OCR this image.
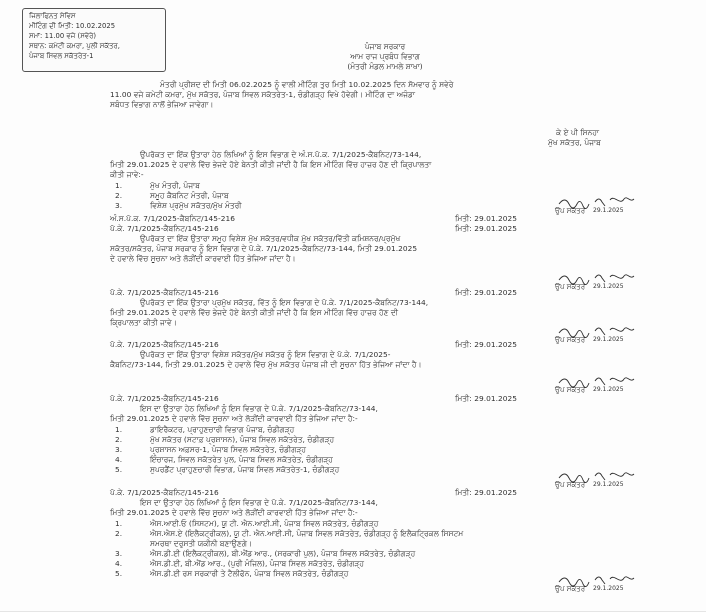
ਜਿਲਾਫਿਨਤ ਸੇਵਿਸ
ਮੀਟਿੰਗ ਦੀ ਮਿਤੀ: 10.02.2025
ਸਮਾਂ: 11.00 ਵਜੇ (ਸਵੇਰੇ)
ਸਥਾਨ: ਕਮੇਟੀ ਕਮਰਾ, ਪੁਲੀ ਸਕੱਤਰ,
ਪੰਜਾਬ ਸਿਵਲ ਸਕੱਤਰੇਤ-1
ਪੰਜਾਬ ਸਰਕਾਰ
ਆਮ ਰਾਜ ਪ੍ਰਬੰਧ ਵਿਭਾਗ
(ਮੰਤਰੀ ਮੰਡਲ ਮਾਮਲੇ ਸ਼ਾਖਾ)
ਮੰਤਰੀ ਪ੍ਰੀਸ਼ਦ ਦੀ ਮਿਤੀ 06.02.2025 ਨੂੰ ਵਾਲੀ ਮੀਟਿੰਗ ਤੁਰ ਮਿਤੀ 10.02.2025 ਦਿਨ ਸੋਮਵਾਰ ਨੂੰ ਸਵੇਰੇ
11.00 ਵਜੇ ਕਮੇਟੀ ਕਮਰਾ, ਮੁੱਖ ਸਕੱਤਰ, ਪੰਜਾਬ ਸਿਵਲ ਸਕੱਤਰੇਤ-1, ਚੰਡੀਗੜ੍ਹ ਵਿਖੇ ਹੋਵੇਗੀ। ਮੀਟਿੰਗ ਦਾ ਅਜੰਡਾ
ਸਬੰਧਤ ਵਿਭਾਗ ਨਾਲੋਂ ਭੇਜਿਆ ਜਾਵੇਗਾ।
ਕੇ ਏ ਪੀ ਸਿਨਹਾ
ਮੁੱਖ ਸਕੱਤਰ, ਪੰਜਾਬ
ਉਪਰੋਕਤ ਦਾ ਇੱਕ ਉਤਾਰਾ ਹੇਠ ਲਿਖਿਆਂ ਨੂੰ ਇਸ ਵਿਭਾਗ ਦੇ ਅੰ.ਸ.ਪੱ.ਕ. 7/1/2025-ਕੈਬਨਿਟ/73-144,
ਮਿਤੀ 29.01.2025 ਦੇ ਹਵਾਲੇ ਵਿੱਚ ਭੇਜਦੇ ਹੋਏ ਬੇਨਤੀ ਕੀਤੀ ਜਾਂਦੀ ਹੈ ਕਿ ਇਸ ਮੀਟਿੰਗ ਵਿੱਚ ਹਾਜ਼ਰ ਹੋਣ ਦੀ ਕ੍ਰਿਪਾਲਤਾ
ਕੀਤੀ ਜਾਵੇ:-
1.	ਮੁੱਖ ਮੰਤਰੀ, ਪੰਜਾਬ
2.	ਸਮੂਹ ਕੈਬਨਿਟ ਮੰਤਰੀ, ਪੰਜਾਬ
3.	ਵਿਸ਼ੇਸ਼ ਪ੍ਰਮੁੱਖ ਸਕੱਤਰ/ਮੁੱਖ ਮੰਤਰੀ
ਉਪ ਸਕੱਤਰ 29.1.2025
ਅੰ.ਸ.ਪੱ.ਕ. 7/1/2025-ਕੈਬਨਿਟ/145-216	ਮਿਤੀ: 29.01.2025
ਪੱ.ਕੇ. 7/1/2025-ਕੈਬਨਿਟ/145-216	ਮਿਤੀ: 29.01.2025
ਉਪਰੋਕਤ ਦਾ ਇੱਕ ਉਤਾਰਾ ਸਮੂਹ ਵਿਸ਼ੇਸ਼ ਮੁੱਖ ਸਕੱਤਰ/ਵਧੀਕ ਮੁੱਖ ਸਕੱਤਰ/ਵਿੱਤੀ ਕਮਿਸ਼ਨਰ/ਪ੍ਰਮੁੱਖ
ਸਕੱਤਰ/ਸਕੱਤਰ, ਪੰਜਾਬ ਸਰਕਾਰ ਨੂੰ ਇਸ ਵਿਭਾਗ ਦੇ ਪੱ.ਕੇ. 7/1/2025-ਕੈਬਨਿਟ/73-144, ਮਿਤੀ 29.01.2025
ਦੇ ਹਵਾਲੇ ਵਿੱਚ ਸੂਚਨਾ ਅਤੇ ਲੋੜੀਂਦੀ ਕਾਰਵਾਈ ਹਿੱਤ ਭੇਜਿਆ ਜਾਂਦਾ ਹੈ।
ਉਪ ਸਕੱਤਰ 29.1.2025
ਪੱ.ਕੇ. 7/1/2025-ਕੈਬਨਿਟ/145-216	ਮਿਤੀ: 29.01.2025
ਉਪਰੋਕਤ ਦਾ ਇੱਕ ਉਤਾਰਾ ਪ੍ਰਮੁੱਖ ਸਕੱਤਰ, ਵਿੱਤ ਨੂੰ ਇਸ ਵਿਭਾਗ ਦੇ ਪੱ.ਕੇ. 7/1/2025-ਕੈਬਨਿਟ/73-144,
ਮਿਤੀ 29.01.2025 ਦੇ ਹਵਾਲੇ ਵਿੱਚ ਭੇਜਦੇ ਹੋਏ ਬੇਨਤੀ ਕੀਤੀ ਜਾਂਦੀ ਹੈ ਕਿ ਇਸ ਮੀਟਿੰਗ ਵਿੱਚ ਹਾਜ਼ਰ ਹੋਣ ਦੀ
ਕ੍ਰਿਪਾਲਤਾ ਕੀਤੀ ਜਾਵੇ।
ਉਪ ਸਕੱਤਰ 29.1.2025
ਪੱ.ਕੇ. 7/1/2025-ਕੈਬਨਿਟ/145-216	ਮਿਤੀ: 29.01.2025
ਉਪਰੋਕਤ ਦਾ ਇੱਕ ਉਤਾਰਾ ਵਿਸ਼ੇਸ਼ ਸਕੱਤਰ/ਮੁੱਖ ਸਕੱਤਰ ਨੂੰ ਇਸ ਵਿਭਾਗ ਦੇ ਪੱ.ਕੇ. 7/1/2025-
ਕੈਬਨਿਟ/73-144, ਮਿਤੀ 29.01.2025 ਦੇ ਹਵਾਲੇ ਵਿੱਚ ਮੁੱਖ ਸਕੱਤਰ ਪੰਜਾਬ ਜੀ ਦੀ ਸੂਚਨਾ ਹਿੱਤ ਭੇਜਿਆ ਜਾਂਦਾ ਹੈ।
ਉਪ ਸਕੱਤਰ 29.1.2025
ਪੱ.ਕੇ. 7/1/2025-ਕੈਬਨਿਟ/145-216	ਮਿਤੀ: 29.01.2025
ਇਸ ਦਾ ਉਤਾਰਾ ਹੇਠ ਲਿਖਿਆਂ ਨੂੰ ਇਸ ਵਿਭਾਗ ਦੇ ਪੱ.ਕੇ. 7/1/2025-ਕੈਬਨਿਟ/73-144,
ਮਿਤੀ 29.01.2025 ਦੇ ਹਵਾਲੇ ਵਿੱਚ ਸੂਚਨਾ ਅਤੇ ਲੋੜੀਂਦੀ ਕਾਰਵਾਈ ਹਿੱਤ ਭੇਜਿਆ ਜਾਂਦਾ ਹੈ:-
1.	ਡਾਇਰੈਕਟਰ, ਪ੍ਰਾਹੁਣਚਾਰੀ ਵਿਭਾਗ ਪੰਜਾਬ, ਚੰਡੀਗੜ੍ਹ
2.	ਮੁੱਖ ਸਕੱਤਰ (ਸਟਾਫ਼ ਪ੍ਰਸ਼ਾਸਨ), ਪੰਜਾਬ ਸਿਵਲ ਸਕੱਤਰੇਤ, ਚੰਡੀਗੜ੍ਹ
3.	ਪ੍ਰਸ਼ਾਸਨ ਅਫ਼ਸਰ-1, ਪੰਜਾਬ ਸਿਵਲ ਸਕੱਤਰੇਤ, ਚੰਡੀਗੜ੍ਹ
4.	ਇੰਚਾਰਜ, ਸਿਵਲ ਸਕੱਤਰੇਤ ਪੁਲ, ਪੰਜਾਬ ਸਿਵਲ ਸਕੱਤਰੇਤ, ਚੰਡੀਗੜ੍ਹ
5.	ਸੁਪਰਡੈਂਟ ਪ੍ਰਾਹੁਣਚਾਰੀ ਵਿਭਾਗ, ਪੰਜਾਬ ਸਿਵਲ ਸਕੱਤਰੇਤ-1, ਚੰਡੀਗੜ੍ਹ
ਉਪ ਸਕੱਤਰ 29.1.2025
ਪੱ.ਕੇ. 7/1/2025-ਕੈਬਨਿਟ/145-216	ਮਿਤੀ: 29.01.2025
ਇਸ ਦਾ ਉਤਾਰਾ ਹੇਠ ਲਿਖਿਆਂ ਨੂੰ ਇਸ ਵਿਭਾਗ ਦੇ ਪੱ.ਕੇ. 7/1/2025-ਕੈਬਨਿਟ/73-144,
ਮਿਤੀ 29.01.2025 ਦੇ ਹਵਾਲੇ ਵਿੱਚ ਸੂਚਨਾ ਅਤੇ ਲੋੜੀਂਦੀ ਕਾਰਵਾਈ ਹਿੱਤ ਭੇਜਿਆ ਜਾਂਦਾ ਹੈ:-
1.	ਐਸ.ਆਈ.ਓ (ਸਿਸਟਮ), ਯੂ ਟੀ. ਐਨ.ਆਈ.ਸੀ, ਪੰਜਾਬ ਸਿਵਲ ਸਕੱਤਰੇਤ, ਚੰਡੀਗੜ੍ਹ
2.	ਐਸ.ਐਸ.ਏ (ਇਲੈਕਟ੍ਰੀਕਲ), ਯੂ ਟੀ. ਐਨ.ਆਈ.ਸੀ, ਪੰਜਾਬ ਸਿਵਲ ਸਕੱਤਰੇਤ, ਚੰਡੀਗੜ੍ਹ ਨੂੰ ਇਲੈਕਟ੍ਰਿਕਲ ਸਿਸਟਮ
ਸਮਰਥਾ ਦਰੁਸਤੀ ਯਕੀਨੀ ਬਣਾਉਣਗੇ।
3.	ਐਸ.ਡੀ.ਈ (ਇਲੈਕਟ੍ਰੀਕਲ), ਬੀ.ਐਂਡ ਆਰ., (ਸਰਕਾਰੀ ਪੁਲ), ਪੰਜਾਬ ਸਿਵਲ ਸਕੱਤਰੇਤ, ਚੰਡੀਗੜ੍ਹ
4.	ਐਸ.ਡੀ.ਈ, ਬੀ.ਐਂਡ ਆਰ., (ਪੁਰੀ ਮੰਜਿਲ), ਪੰਜਾਬ ਸਿਵਲ ਸਕੱਤਰੇਤ, ਚੰਡੀਗੜ੍ਹ
5.	ਐਸ.ਡੀ.ਈ ਰਸ ਸਰਕਾਰੀ ਤੇ ਟੈਲੀਫੋਨ, ਪੰਜਾਬ ਸਿਵਲ ਸਕੱਤਰੇਤ, ਚੰਡੀਗੜ੍ਹ
ਉਪ ਸਕੱਤਰ 29.1.2025
